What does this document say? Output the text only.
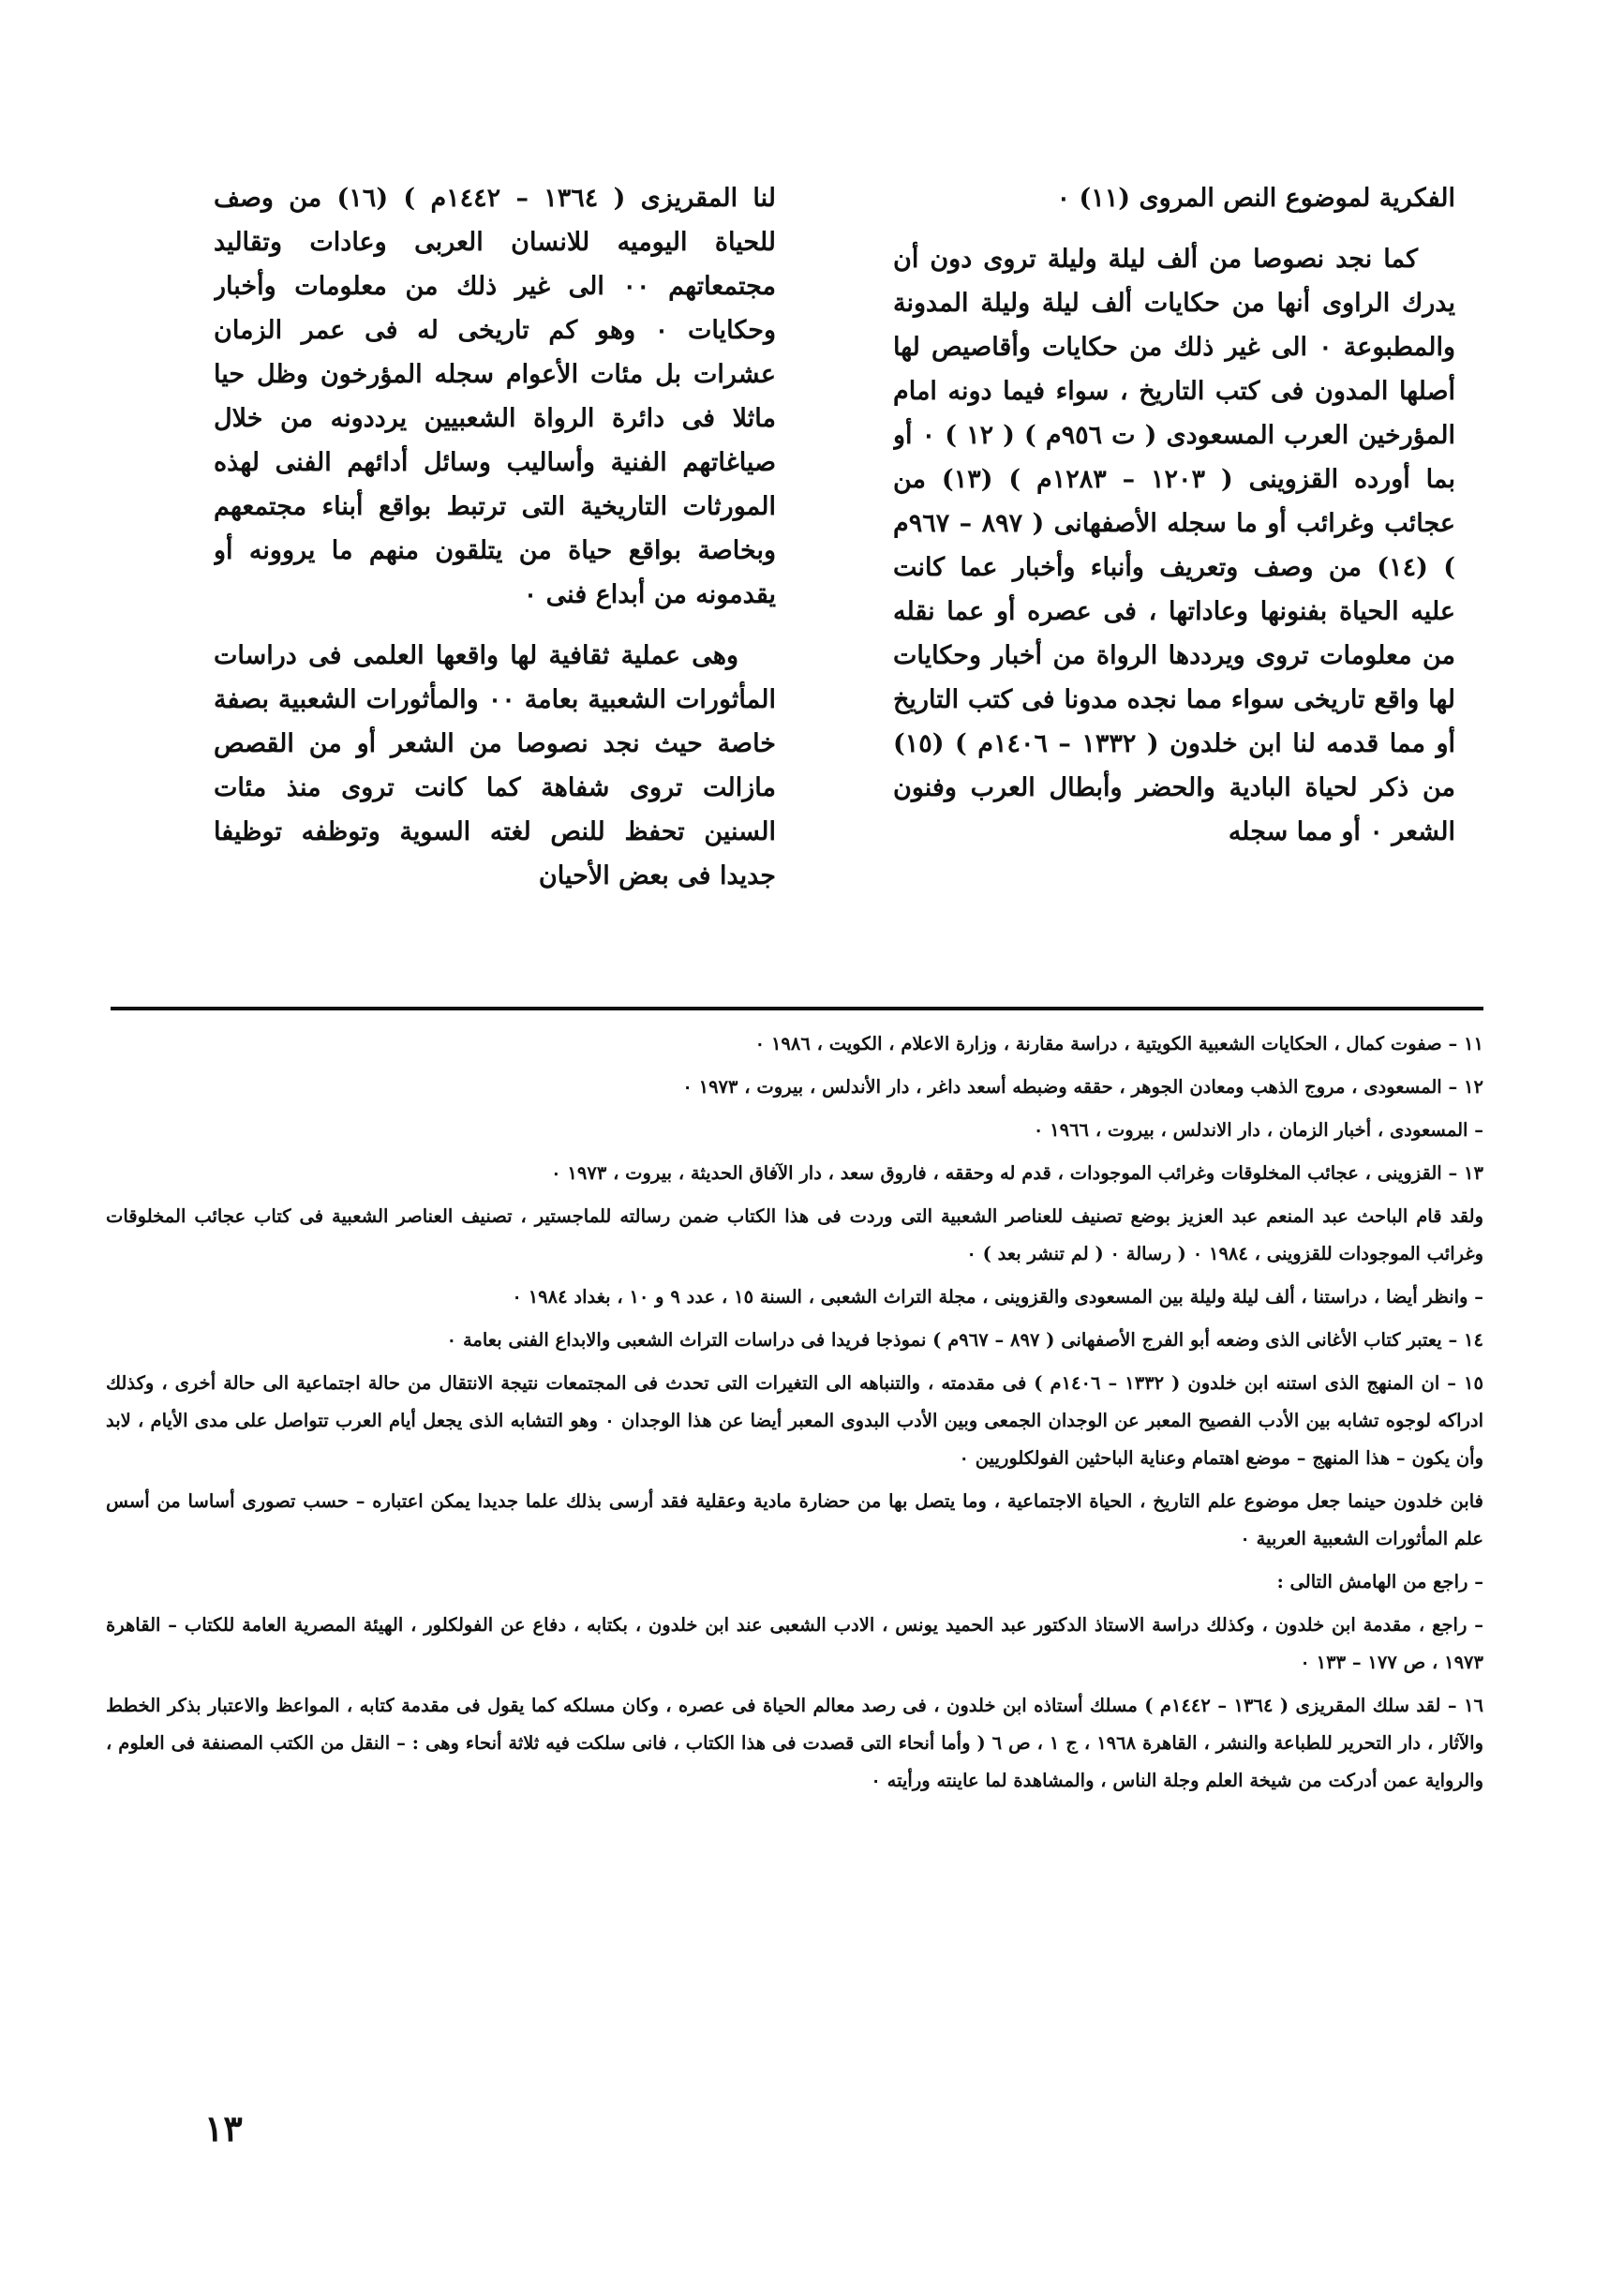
الفكرية لموضوع النص المروى (١١) ٠

كما نجد نصوصا من ألف ليلة وليلة تروى دون أن يدرك الراوى أنها من حكايات ألف ليلة وليلة المدونة والمطبوعة ٠ الى غير ذلك من حكايات وأقاصيص لها أصلها المدون فى كتب التاريخ ، سواء فيما دونه امام المؤرخين العرب المسعودى ( ت ٩٥٦م ) ( ١٢ ) ٠ أو بما أورده القزوينى ( ١٢٠٣ – ١٢٨٣م ) (١٣) من عجائب وغرائب أو ما سجله الأصفهانى ( ٨٩٧ – ٩٦٧م ) (١٤) من وصف وتعريف وأنباء وأخبار عما كانت عليه الحياة بفنونها وعاداتها ، فى عصره أو عما نقله من معلومات تروى ويرددها الرواة من أخبار وحكايات لها واقع تاريخى سواء مما نجده مدونا فى كتب التاريخ أو مما قدمه لنا ابن خلدون ( ١٣٣٢ – ١٤٠٦م ) (١٥) من ذكر لحياة البادية والحضر وأبطال العرب وفنون الشعر ٠ أو مما سجله

لنا المقريزى ( ١٣٦٤ – ١٤٤٢م ) (١٦) من وصف للحياة اليوميه للانسان العربى وعادات وتقاليد مجتمعاتهم ٠٠ الى غير ذلك من معلومات وأخبار وحكايات ٠ وهو كم تاريخى له فى عمر الزمان عشرات بل مئات الأعوام سجله المؤرخون وظل حيا ماثلا فى دائرة الرواة الشعبيين يرددونه من خلال صياغاتهم الفنية وأساليب وسائل أدائهم الفنى لهذه المورثات التاريخية التى ترتبط بواقع أبناء مجتمعهم وبخاصة بواقع حياة من يتلقون منهم ما يروونه أو يقدمونه من أبداع فنى ٠

وهى عملية ثقافية لها واقعها العلمى فى دراسات المأثورات الشعبية بعامة ٠٠ والمأثورات الشعبية بصفة خاصة حيث نجد نصوصا من الشعر أو من القصص مازالت تروى شفاهة كما كانت تروى منذ مئات السنين تحفظ للنص لغته السوية وتوظفه توظيفا جديدا فى بعض الأحيان

١١ – صفوت كمال ، الحكايات الشعبية الكويتية ، دراسة مقارنة ، وزارة الاعلام ، الكويت ، ١٩٨٦ ٠

١٢ – المسعودى ، مروج الذهب ومعادن الجوهر ، حققه وضبطه أسعد داغر ، دار الأندلس ، بيروت ، ١٩٧٣ ٠

– المسعودى ، أخبار الزمان ، دار الاندلس ، بيروت ، ١٩٦٦ ٠

١٣ – القزوينى ، عجائب المخلوقات وغرائب الموجودات ، قدم له وحققه ، فاروق سعد ، دار الآفاق الحديثة ، بيروت ، ١٩٧٣ ٠

ولقد قام الباحث عبد المنعم عبد العزيز بوضع تصنيف للعناصر الشعبية التى وردت فى هذا الكتاب ضمن رسالته للماجستير ، تصنيف العناصر الشعبية فى كتاب عجائب المخلوقات وغرائب الموجودات للقزوينى ، ١٩٨٤ ٠ ( رسالة ٠ ( لم تنشر بعد ) ٠

– وانظر أيضا ، دراستنا ، ألف ليلة وليلة بين المسعودى والقزوينى ، مجلة التراث الشعبى ، السنة ١٥ ، عدد ٩ و ١٠ ، بغداد ١٩٨٤ ٠

١٤ – يعتبر كتاب الأغانى الذى وضعه أبو الفرج الأصفهانى ( ٨٩٧ – ٩٦٧م ) نموذجا فريدا فى دراسات التراث الشعبى والابداع الفنى بعامة ٠

١٥ – ان المنهج الذى استنه ابن خلدون ( ١٣٣٢ – ١٤٠٦م ) فى مقدمته ، والتنباهه الى التغيرات التى تحدث فى المجتمعات نتيجة الانتقال من حالة اجتماعية الى حالة أخرى ، وكذلك ادراكه لوجوه تشابه بين الأدب الفصيح المعبر عن الوجدان الجمعى وبين الأدب البدوى المعبر أيضا عن هذا الوجدان ٠ وهو التشابه الذى يجعل أيام العرب تتواصل على مدى الأيام ، لابد وأن يكون – هذا المنهج – موضع اهتمام وعناية الباحثين الفولكلوريين ٠

فابن خلدون حينما جعل موضوع علم التاريخ ، الحياة الاجتماعية ، وما يتصل بها من حضارة مادية وعقلية فقد أرسى بذلك علما جديدا يمكن اعتباره – حسب تصورى أساسا من أسس علم المأثورات الشعبية العربية ٠

– راجع من الهامش التالى :

– راجع ، مقدمة ابن خلدون ، وكذلك دراسة الاستاذ الدكتور عبد الحميد يونس ، الادب الشعبى عند ابن خلدون ، بكتابه ، دفاع عن الفولكلور ، الهيئة المصرية العامة للكتاب – القاهرة ١٩٧٣ ، ص ١٧٧ – ١٣٣ ٠

١٦ – لقد سلك المقريزى ( ١٣٦٤ – ١٤٤٢م ) مسلك أستاذه ابن خلدون ، فى رصد معالم الحياة فى عصره ، وكان مسلكه كما يقول فى مقدمة كتابه ، المواعظ والاعتبار بذكر الخطط والآثار ، دار التحرير للطباعة والنشر ، القاهرة ١٩٦٨ ، ج ١ ، ص ٦ ( وأما أنحاء التى قصدت فى هذا الكتاب ، فانى سلكت فيه ثلاثة أنحاء وهى : – النقل من الكتب المصنفة فى العلوم ، والرواية عمن أدركت من شيخة العلم وجلة الناس ، والمشاهدة لما عاينته ورأيته ٠

١٣
